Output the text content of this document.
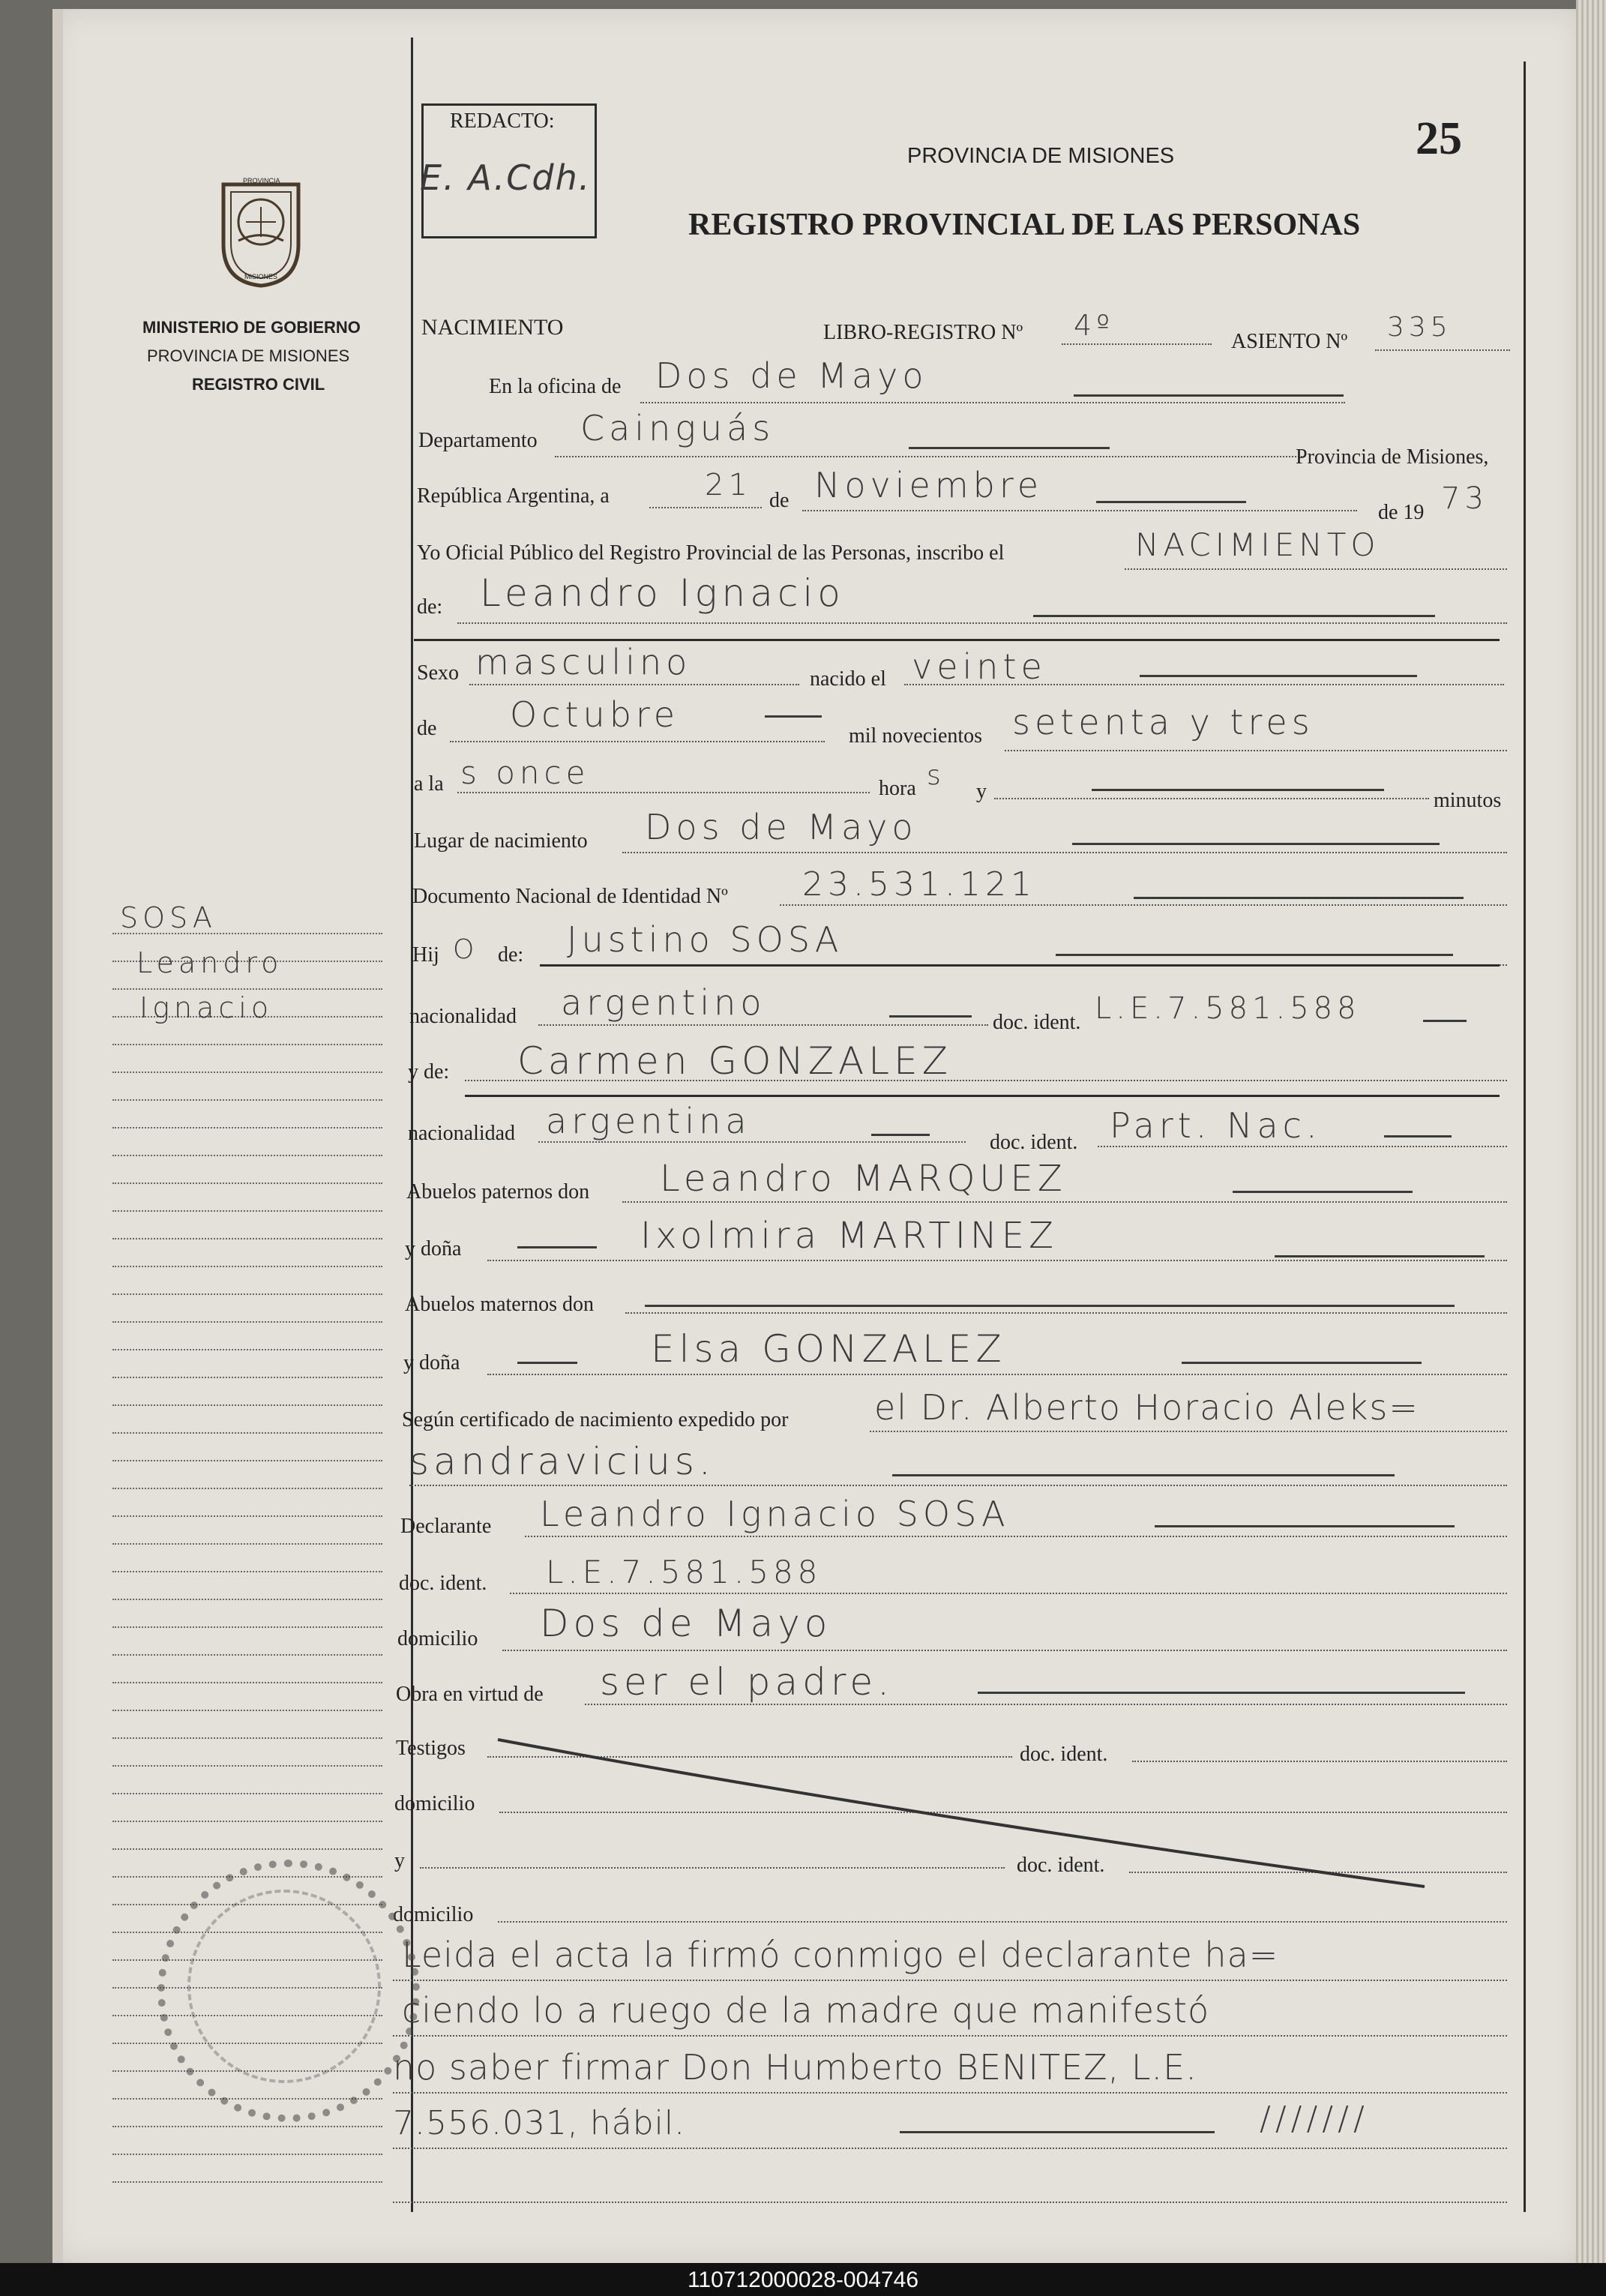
REDACTO:
E. A.Cdh.
25
PROVINCIA DE MISIONES
REGISTRO PROVINCIAL DE LAS PERSONAS
PROVINCIA
MISIONES
MINISTERIO DE GOBIERNO
PROVINCIA DE MISIONES
REGISTRO CIVIL
SOSA
Leandro
Ignacio
NACIMIENTO	LIBRO-REGISTRO Nº 4º	ASIENTO Nº 335
En la oficina de Dos de Mayo
Departamento Cainguás
Provincia de Misiones,
República Argentina, a	21 de Noviembre
de 19 73
Yo Oficial Público del Registro Provincial de las Personas, inscribo el	NACIMIENTO
de: Leandro Ignacio
Sexo masculino	nacido el veinte
de Octubre
mil novecientos setenta y tres
a la s once	hora s
y	minutos
Lugar de nacimiento Dos de Mayo
Documento Nacional de Identidad Nº 23.531.121
Hij O de: Justino SOSA
nacionalidad argentino	doc. ident. L.E.7.581.588
y de: Carmen GONZALEZ
nacionalidad argentina
doc. ident. Part. Nac.
Abuelos paternos don Leandro MARQUEZ
y doña	Ixolmira MARTINEZ
Abuelos maternos don
y doña	Elsa GONZALEZ
Según certificado de nacimiento expedido por el Dr. Alberto Horacio Aleks=
sandravicius.
Declarante Leandro Ignacio SOSA
doc. ident. L.E.7.581.588
domicilio Dos de Mayo
Obra en virtud de ser el padre.
Testigos	doc. ident.
domicilio
y	doc. ident.
domicilio
Leida el acta la firmó conmigo el declarante ha=
ciendo lo a ruego de la madre que manifestó
no saber firmar Don Humberto BENITEZ, L.E.
7.556.031, hábil.	///////
110712000028-004746
